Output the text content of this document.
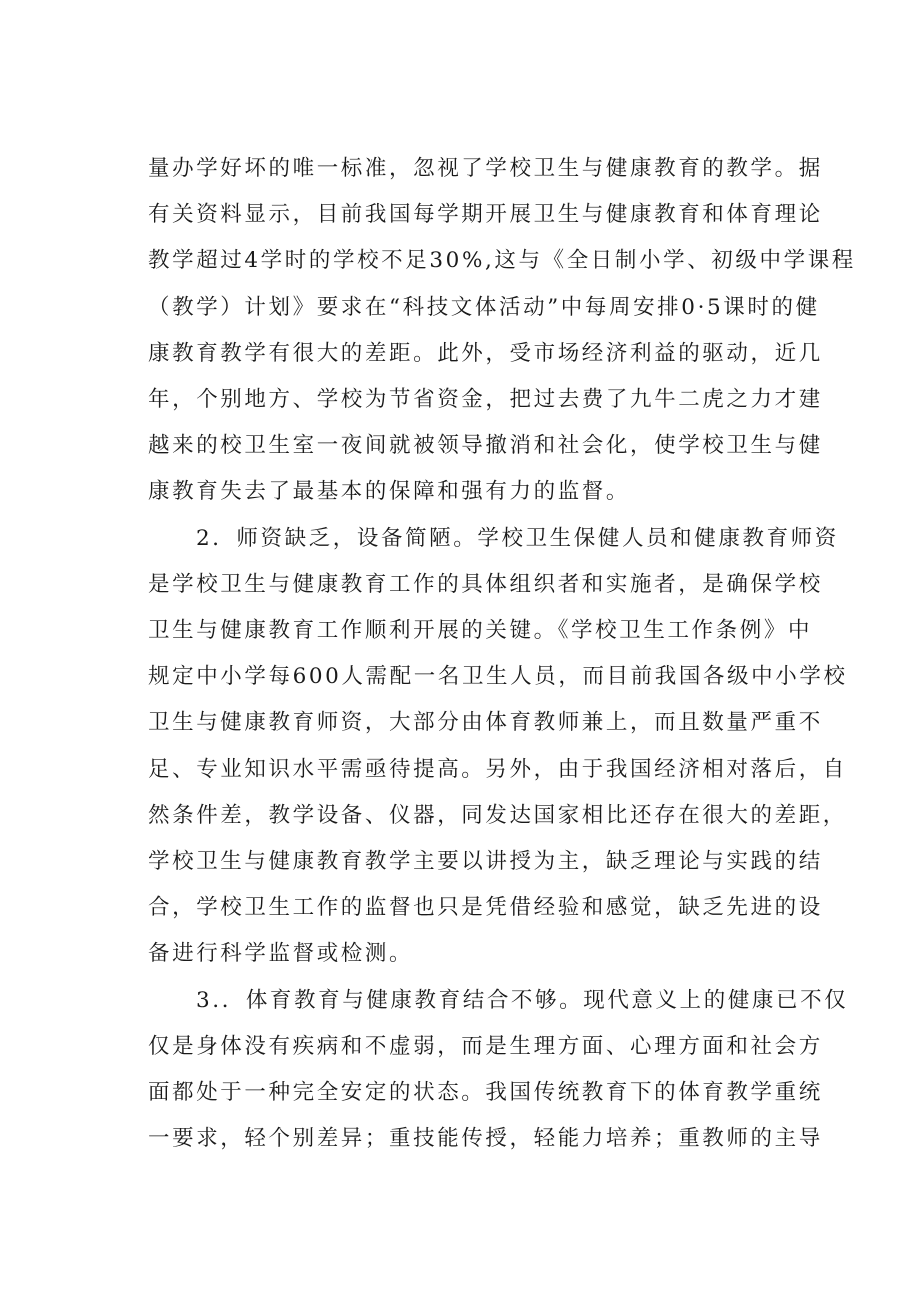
量办学好坏的唯一标准，忽视了学校卫生与健康教育的教学。据
有关资料显示，目前我国每学期开展卫生与健康教育和体育理论
教学超过4学时的学校不足30%,这与《全日制小学、初级中学课程
（教学）计划》要求在“科技文体活动”中每周安排0·5课时的健
康教育教学有很大的差距。此外，受市场经济利益的驱动，近几
年，个别地方、学校为节省资金，把过去费了九牛二虎之力才建
越来的校卫生室一夜间就被领导撤消和社会化，使学校卫生与健
康教育失去了最基本的保障和强有力的监督。
2．师资缺乏，设备简陋。学校卫生保健人员和健康教育师资
是学校卫生与健康教育工作的具体组织者和实施者，是确保学校
卫生与健康教育工作顺利开展的关键。《学校卫生工作条例》中
规定中小学每600人需配一名卫生人员，而目前我国各级中小学校
卫生与健康教育师资，大部分由体育教师兼上，而且数量严重不
足、专业知识水平需亟待提高。另外，由于我国经济相对落后，自
然条件差，教学设备、仪器，同发达国家相比还存在很大的差距，
学校卫生与健康教育教学主要以讲授为主，缺乏理论与实践的结
合，学校卫生工作的监督也只是凭借经验和感觉，缺乏先进的设
备进行科学监督或检测。
3.．体育教育与健康教育结合不够。现代意义上的健康已不仅
仅是身体没有疾病和不虚弱，而是生理方面、心理方面和社会方
面都处于一种完全安定的状态。我国传统教育下的体育教学重统
一要求，轻个别差异；重技能传授，轻能力培养；重教师的主导
